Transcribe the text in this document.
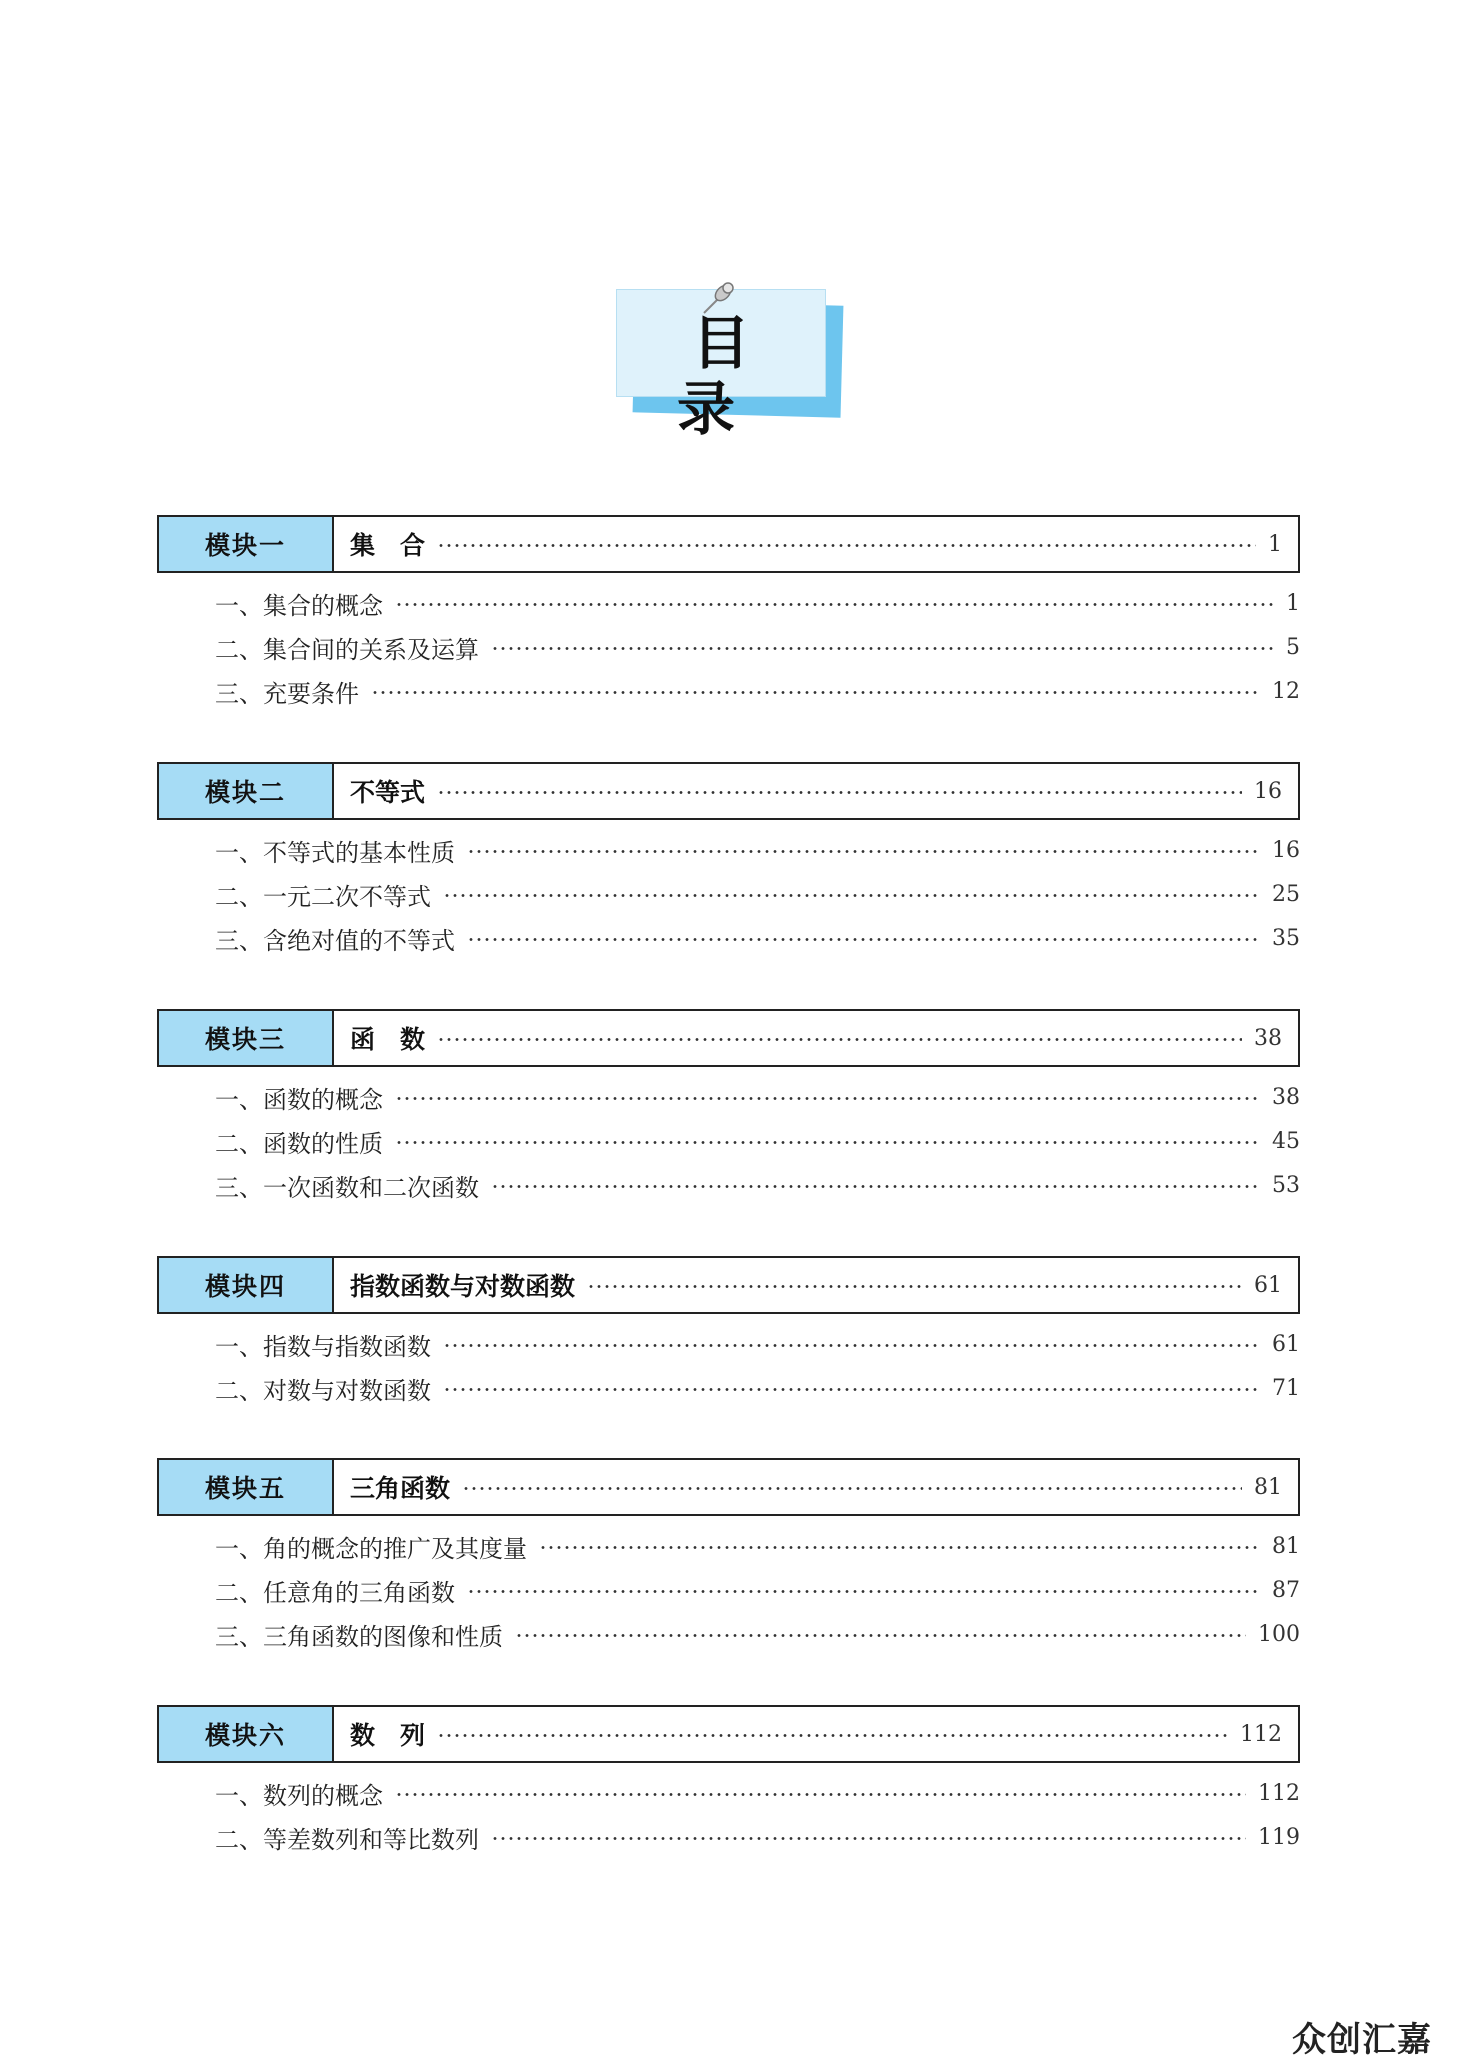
目 录
模块一	集　合	1
一、集合的概念	1
二、集合间的关系及运算	5
三、充要条件	12
模块二	不等式	16
一、不等式的基本性质	16
二、一元二次不等式	25
三、含绝对值的不等式	35
模块三	函　数	38
一、函数的概念	38
二、函数的性质	45
三、一次函数和二次函数	53
模块四	指数函数与对数函数	61
一、指数与指数函数	61
二、对数与对数函数	71
模块五	三角函数	81
一、角的概念的推广及其度量	81
二、任意角的三角函数	87
三、三角函数的图像和性质	100
模块六	数　列	112
一、数列的概念	112
二、等差数列和等比数列	119
众创汇嘉
